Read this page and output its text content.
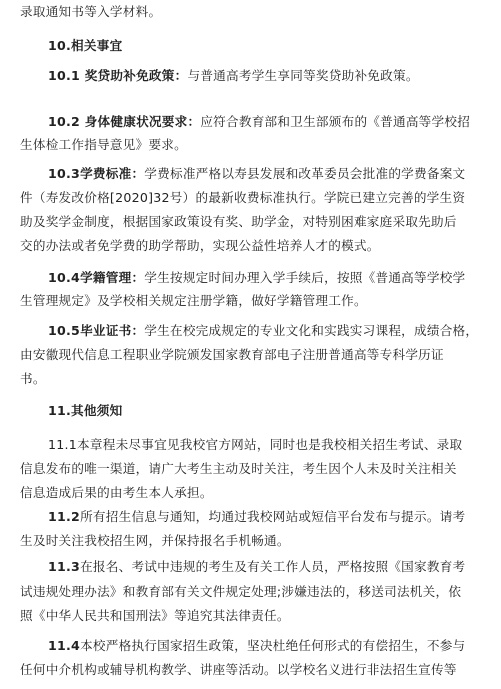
录取通知书等入学材料。
10.相关事宜
10.1 奖贷助补免政策：与普通高考学生享同等奖贷助补免政策。
10.2 身体健康状况要求：应符合教育部和卫生部颁布的《普通高等学校招
生体检工作指导意见》要求。
10.3学费标准：学费标准严格以寿县发展和改革委员会批准的学费备案文
件（寿发改价格[2020]32号）的最新收费标准执行。学院已建立完善的学生资
助及奖学金制度，根据国家政策设有奖、助学金，对特别困难家庭采取先助后
交的办法或者免学费的助学帮助，实现公益性培养人才的模式。
10.4学籍管理：学生按规定时间办理入学手续后，按照《普通高等学校学
生管理规定》及学校相关规定注册学籍，做好学籍管理工作。
10.5毕业证书：学生在校完成规定的专业文化和实践实习课程，成绩合格，
由安徽现代信息工程职业学院颁发国家教育部电子注册普通高等专科学历证
书。
11.其他须知
11.1本章程未尽事宜见我校官方网站，同时也是我校相关招生考试、录取
信息发布的唯一渠道，请广大考生主动及时关注，考生因个人未及时关注相关
信息造成后果的由考生本人承担。
11.2所有招生信息与通知，均通过我校网站或短信平台发布与提示。请考
生及时关注我校招生网，并保持报名手机畅通。
11.3在报名、考试中违规的考生及有关工作人员，严格按照《国家教育考
试违规处理办法》和教育部有关文件规定处理;涉嫌违法的，移送司法机关，依
照《中华人民共和国刑法》等追究其法律责任。
11.4本校严格执行国家招生政策，坚决杜绝任何形式的有偿招生，不参与
任何中介机构或辅导机构教学、讲座等活动。以学校名义进行非法招生宣传等
